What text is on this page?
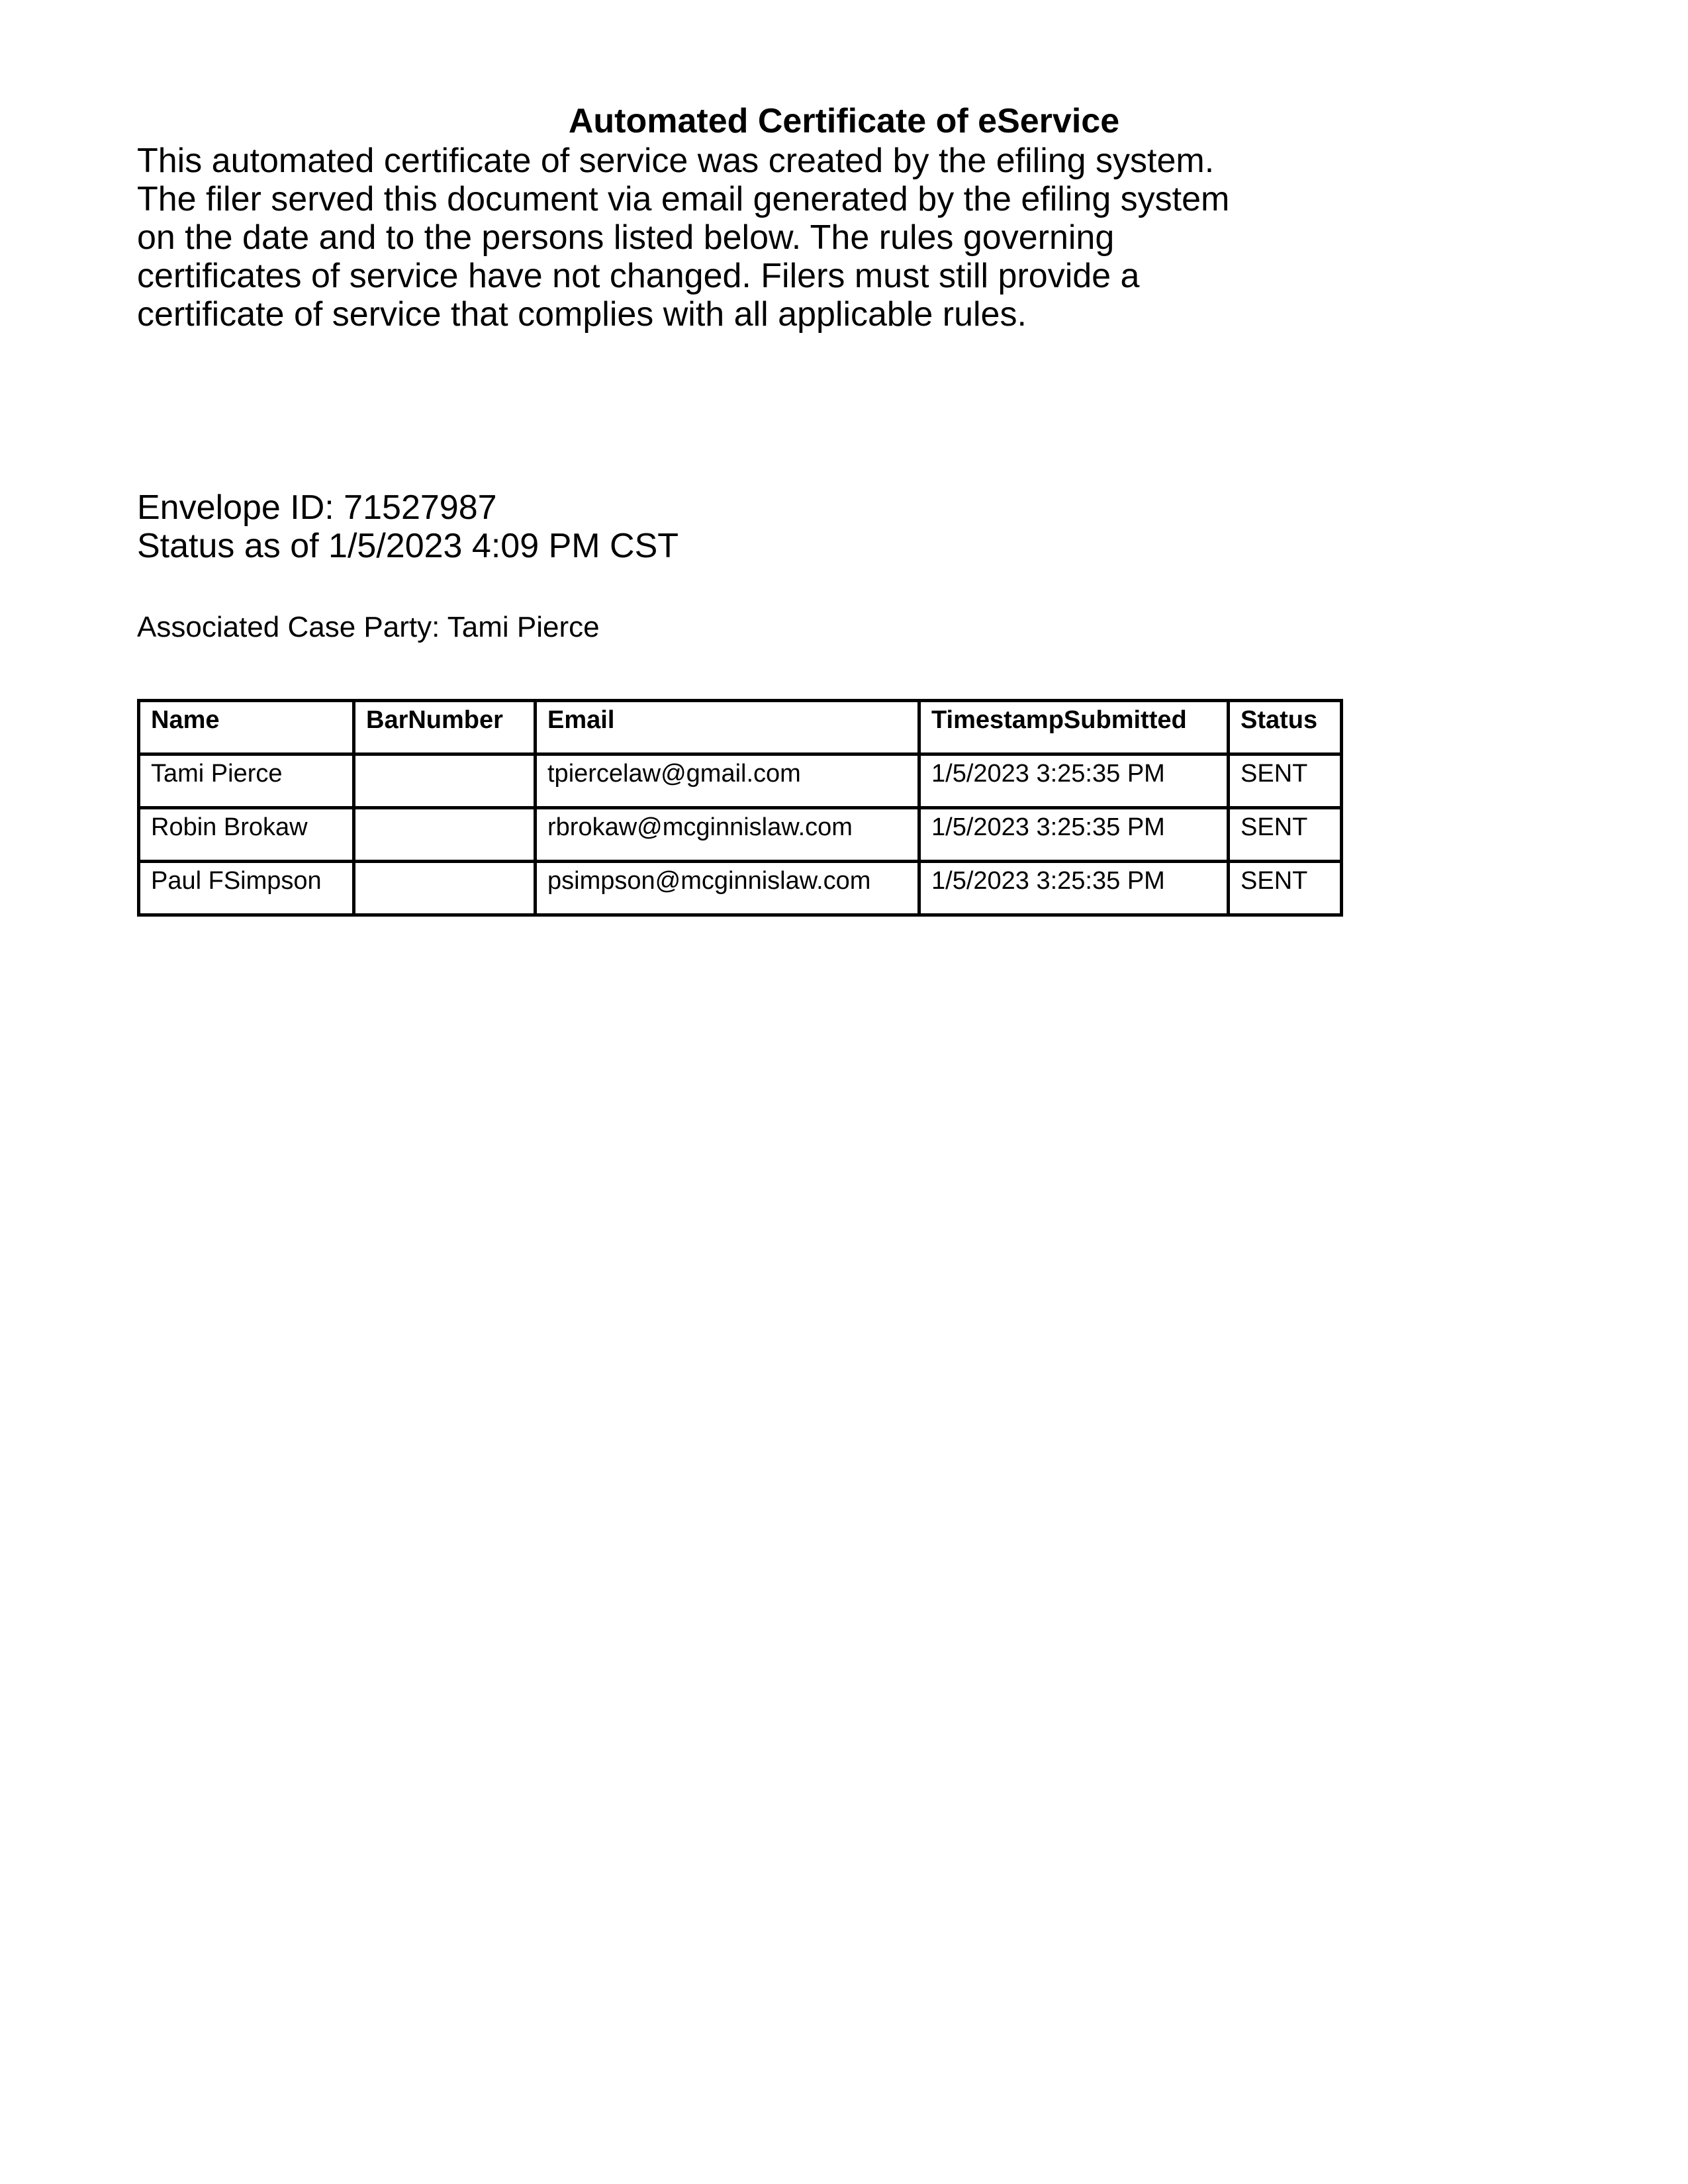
Automated Certificate of eService
This automated certificate of service was created by the efiling system.
The filer served this document via email generated by the efiling system
on the date and to the persons listed below. The rules governing
certificates of service have not changed. Filers must still provide a
certificate of service that complies with all applicable rules.
Envelope ID: 71527987
Status as of 1/5/2023 4:09 PM CST
Associated Case Party: Tami Pierce
Name	BarNumber	Email	TimestampSubmitted	Status
Tami Pierce		tpiercelaw@gmail.com	1/5/2023 3:25:35 PM	SENT
Robin Brokaw		rbrokaw@mcginnislaw.com	1/5/2023 3:25:35 PM	SENT
Paul FSimpson		psimpson@mcginnislaw.com	1/5/2023 3:25:35 PM	SENT
